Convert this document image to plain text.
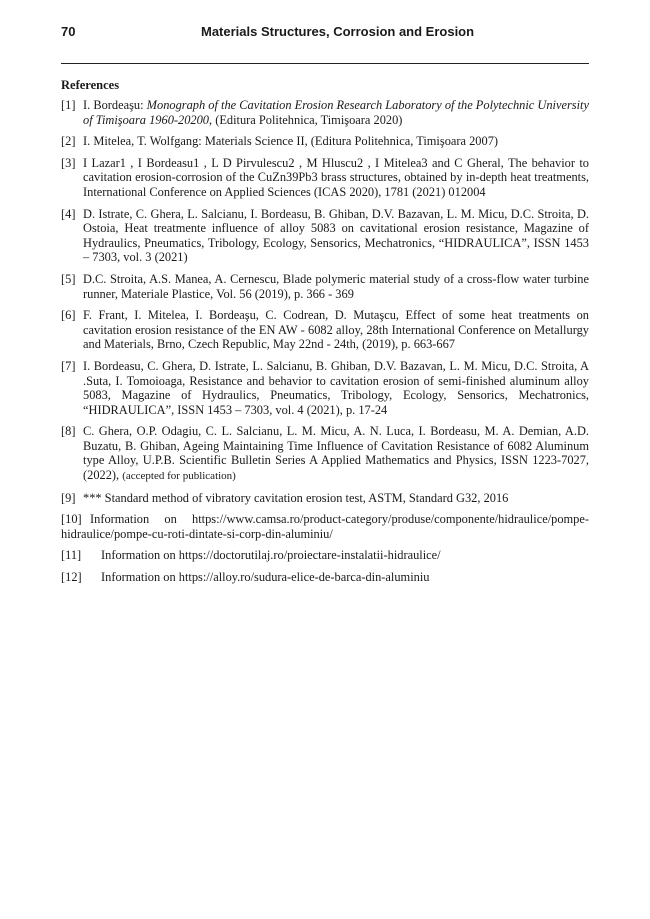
70	Materials Structures, Corrosion and Erosion
References
[1] I. Bordeaşu: Monograph of the Cavitation Erosion Research Laboratory of the Polytechnic University of Timişoara 1960-20200, (Editura Politehnica, Timişoara 2020)
[2] I. Mitelea, T. Wolfgang: Materials Science II, (Editura Politehnica, Timişoara 2007)
[3] I Lazar1 , I Bordeasu1 , L D Pirvulescu2 , M Hluscu2 , I Mitelea3 and C Gheral, The behavior to cavitation erosion-corrosion of the CuZn39Pb3 brass structures, obtained by in-depth heat treatments, International Conference on Applied Sciences (ICAS 2020), 1781 (2021) 012004
[4] D. Istrate, C. Ghera, L. Salcianu, I. Bordeasu, B. Ghiban, D.V. Bazavan, L. M. Micu, D.C. Stroita, D. Ostoia, Heat treatmente influence of alloy 5083 on cavitational erosion resistance, Magazine of Hydraulics, Pneumatics, Tribology, Ecology, Sensorics, Mechatronics, “HIDRAULICA”, ISSN 1453 – 7303, vol. 3 (2021)
[5] D.C. Stroita, A.S. Manea, A. Cernescu, Blade polymeric material study of a cross-flow water turbine runner, Materiale Plastice, Vol. 56 (2019), p. 366 - 369
[6] F. Frant, I. Mitelea, I. Bordeaşu, C. Codrean, D. Mutaşcu, Effect of some heat treatments on cavitation erosion resistance of the EN AW - 6082 alloy, 28th International Conference on Metallurgy and Materials, Brno, Czech Republic, May 22nd - 24th, (2019), p. 663-667
[7] I. Bordeasu, C. Ghera, D. Istrate, L. Salcianu, B. Ghiban, D.V. Bazavan, L. M. Micu, D.C. Stroita, A .Suta, I. Tomoioaga, Resistance and behavior to cavitation erosion of semi-finished aluminum alloy 5083, Magazine of Hydraulics, Pneumatics, Tribology, Ecology, Sensorics, Mechatronics, “HIDRAULICA”, ISSN 1453 – 7303, vol. 4 (2021), p. 17-24
[8] C. Ghera, O.P. Odagiu, C. L. Salcianu, L. M. Micu, A. N. Luca, I. Bordeasu, M. A. Demian, A.D. Buzatu, B. Ghiban, Ageing Maintaining Time Influence of Cavitation Resistance of 6082 Aluminum type Alloy, U.P.B. Scientific Bulletin Series A Applied Mathematics and Physics, ISSN 1223-7027, (2022), (accepted for publication)
[9] *** Standard method of vibratory cavitation erosion test, ASTM, Standard G32, 2016
[10] Information on https://www.camsa.ro/product-category/produse/componente/hidraulice/pompe-hidraulice/pompe-cu-roti-dintate-si-corp-din-aluminiu/
[11] Information on https://doctorutilaj.ro/proiectare-instalatii-hidraulice/
[12] Information on https://alloy.ro/sudura-elice-de-barca-din-aluminiu
